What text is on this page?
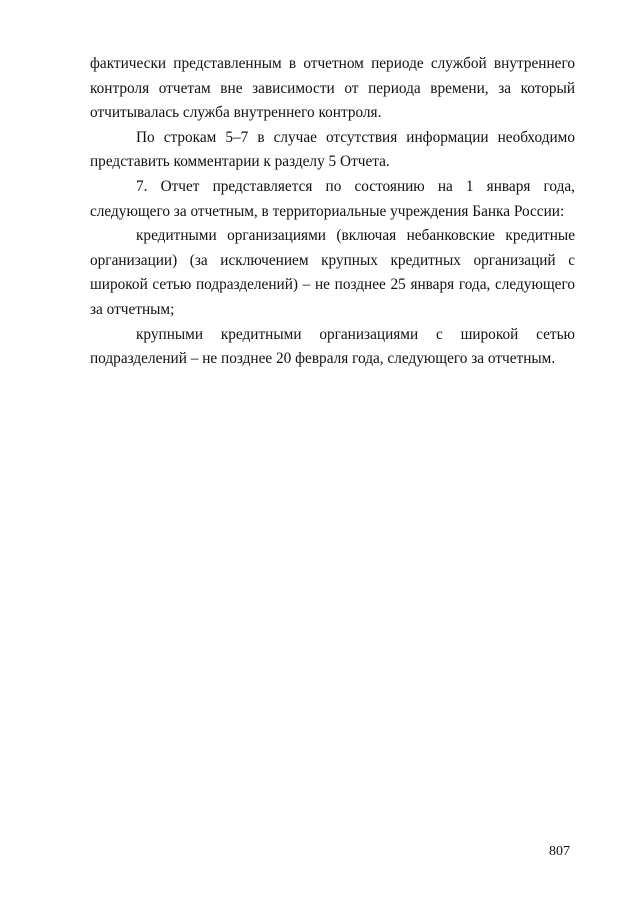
фактически представленным в отчетном периоде службой внутреннего контроля отчетам вне зависимости от периода времени, за который отчитывалась служба внутреннего контроля.

По строкам 5–7 в случае отсутствия информации необходимо представить комментарии к разделу 5 Отчета.

7. Отчет представляется по состоянию на 1 января года, следующего за отчетным, в территориальные учреждения Банка России:

кредитными организациями (включая небанковские кредитные организации) (за исключением крупных кредитных организаций с широкой сетью подразделений) – не позднее 25 января года, следующего за отчетным;

крупными кредитными организациями с широкой сетью подразделений – не позднее 20 февраля года, следующего за отчетным.

807
